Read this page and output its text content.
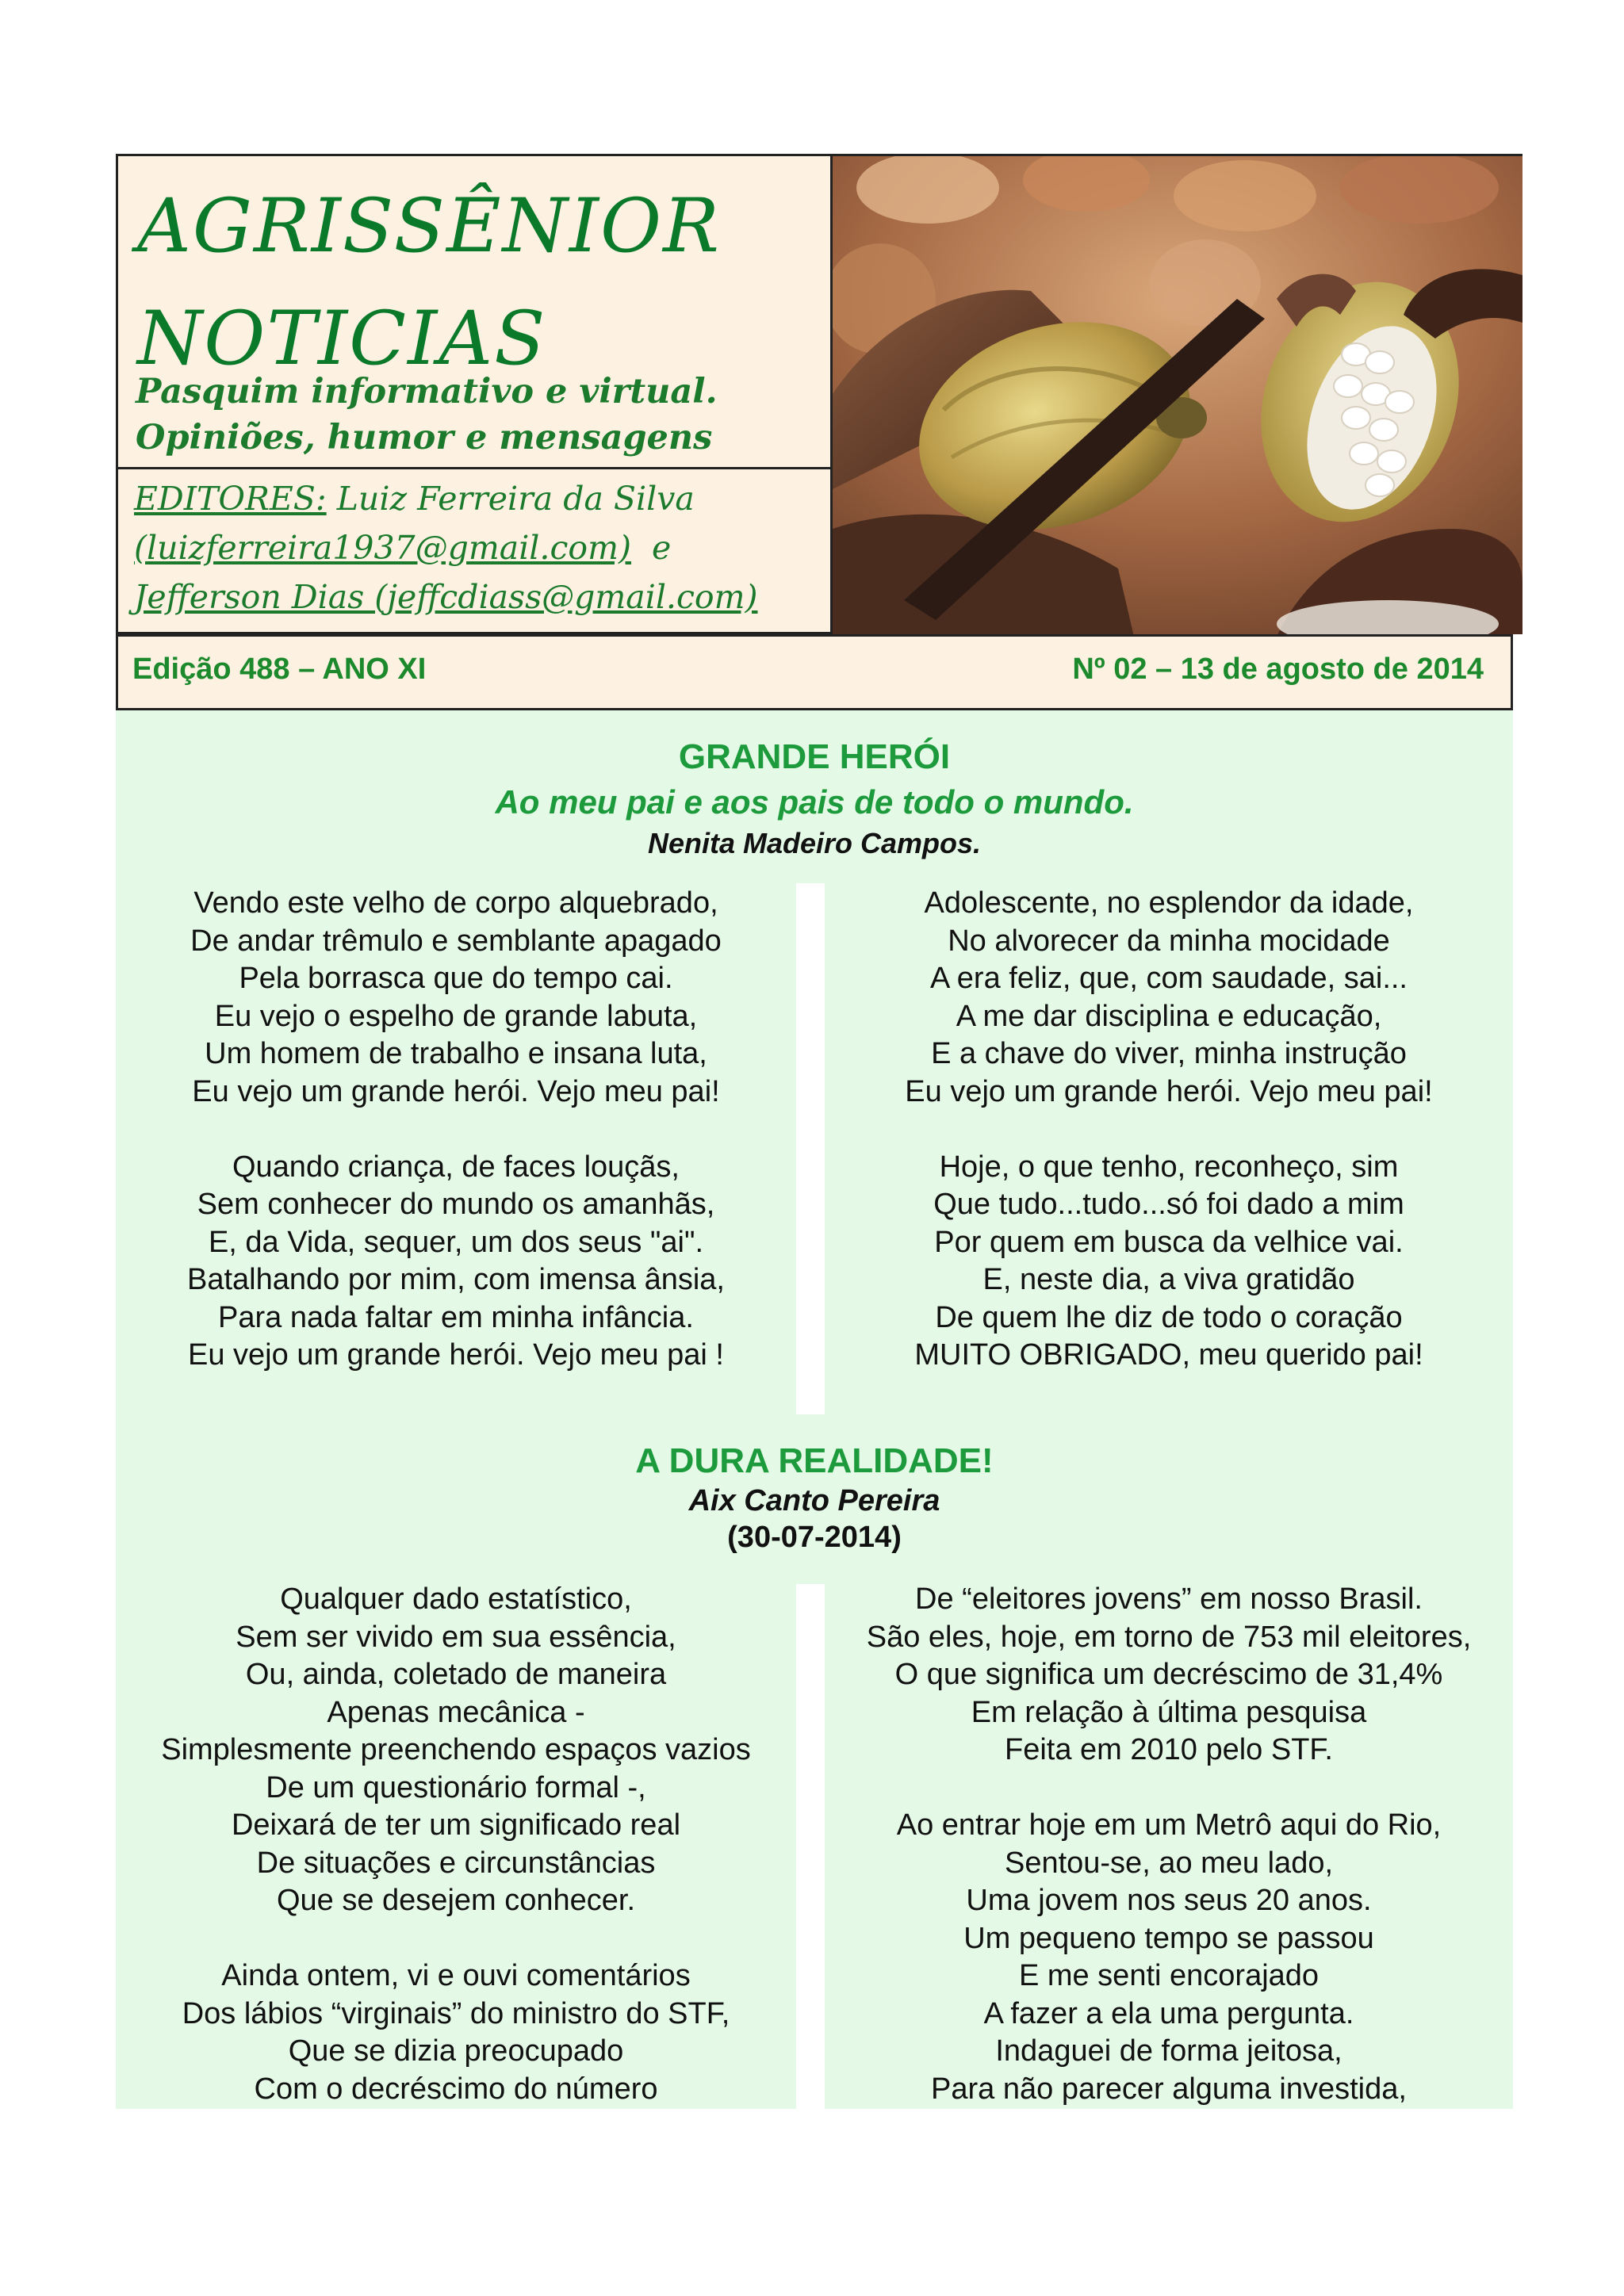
AGRISSÊNIOR
NOTICIAS

Pasquim informativo e virtual.
Opiniões, humor e mensagens

EDITORES: Luiz Ferreira da Silva
(luizferreira1937@gmail.com)  e
Jefferson Dias (jeffcdiass@gmail.com)

Edição 488 – ANO XI	Nº 02 – 13 de agosto de 2014
GRANDE HERÓI

Ao meu pai e aos pais de todo o mundo.

Nenita Madeiro Campos.

Vendo este velho de corpo alquebrado,
De andar trêmulo e semblante apagado
Pela borrasca que do tempo cai.
Eu vejo o espelho de grande labuta,
Um homem de trabalho e insana luta,
Eu vejo um grande herói. Vejo meu pai!
Quando criança, de faces louçãs,
Sem conhecer do mundo os amanhãs,
E, da Vida, sequer, um dos seus "ai".
Batalhando por mim, com imensa ânsia,
Para nada faltar em minha infância.
Eu vejo um grande herói. Vejo meu pai !
Adolescente, no esplendor da idade,
No alvorecer da minha mocidade
A era feliz, que, com saudade, sai...
A me dar disciplina e educação,
E a chave do viver, minha instrução
Eu vejo um grande herói. Vejo meu pai!
Hoje, o que tenho, reconheço, sim
Que tudo...tudo...só foi dado a mim
Por quem em busca da velhice vai.
E, neste dia, a viva gratidão
De quem lhe diz de todo o coração
MUITO OBRIGADO, meu querido pai!
A DURA REALIDADE!

Aix Canto Pereira

(30-07-2014)

Qualquer dado estatístico,
Sem ser vivido em sua essência,
Ou, ainda, coletado de maneira
Apenas mecânica -
Simplesmente preenchendo espaços vazios
De um questionário formal -,
Deixará de ter um significado real
De situações e circunstâncias
Que se desejem conhecer.
Ainda ontem, vi e ouvi comentários
Dos lábios “virginais” do ministro do STF,
Que se dizia preocupado
Com o decréscimo do número
De “eleitores jovens” em nosso Brasil.
São eles, hoje, em torno de 753 mil eleitores,
O que significa um decréscimo de 31,4%
Em relação à última pesquisa
Feita em 2010 pelo STF.
Ao entrar hoje em um Metrô aqui do Rio,
Sentou-se, ao meu lado,
Uma jovem nos seus 20 anos.
Um pequeno tempo se passou
E me senti encorajado
A fazer a ela uma pergunta.
Indaguei de forma jeitosa,
Para não parecer alguma investida,
